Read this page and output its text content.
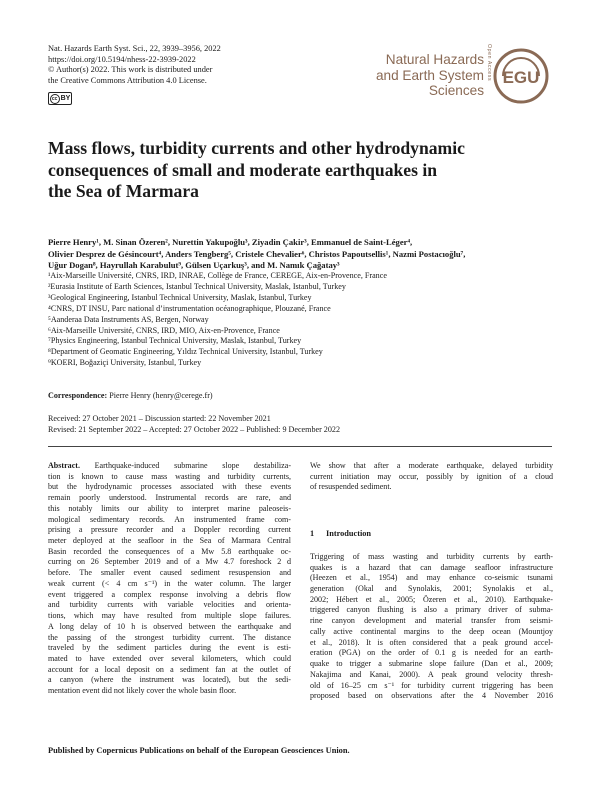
Nat. Hazards Earth Syst. Sci., 22, 3939–3956, 2022
https://doi.org/10.5194/nhess-22-3939-2022
© Author(s) 2022. This work is distributed under
the Creative Commons Attribution 4.0 License.
cc BY
Natural Hazards
and Earth System
Sciences
Open Access EGU
Mass flows, turbidity currents and other hydrodynamic
consequences of small and moderate earthquakes in
the Sea of Marmara
Pierre Henry¹, M. Sinan Özeren², Nurettin Yakupoğlu³, Ziyadin Çakir³, Emmanuel de Saint-Léger⁴,
Olivier Desprez de Gésincourt⁴, Anders Tengberg⁵, Cristele Chevalier⁶, Christos Papoutsellis¹, Nazmi Postacıoğlu⁷,
Uğur Dogan⁸, Hayrullah Karabulut⁹, Gülsen Uçarkuş³, and M. Namık Çağatay³
¹Aix-Marseille Université, CNRS, IRD, INRAE, Collège de France, CEREGE, Aix-en-Provence, France
²Eurasia Institute of Earth Sciences, Istanbul Technical University, Maslak, Istanbul, Turkey
³Geological Engineering, Istanbul Technical University, Maslak, Istanbul, Turkey
⁴CNRS, DT INSU, Parc national d’instrumentation océanographique, Plouzané, France
⁵Aanderaa Data Instruments AS, Bergen, Norway
⁶Aix-Marseille Université, CNRS, IRD, MIO, Aix-en-Provence, France
⁷Physics Engineering, Istanbul Technical University, Maslak, Istanbul, Turkey
⁸Department of Geomatic Engineering, Yıldız Technical University, Istanbul, Turkey
⁹KOERI, Boğaziçi University, Istanbul, Turkey
Correspondence: Pierre Henry (henry@cerege.fr)
Received: 27 October 2021 – Discussion started: 22 November 2021
Revised: 21 September 2022 – Accepted: 27 October 2022 – Published: 9 December 2022
Abstract. Earthquake-induced submarine slope destabiliza-
tion is known to cause mass wasting and turbidity currents,
but the hydrodynamic processes associated with these events
remain poorly understood. Instrumental records are rare, and
this notably limits our ability to interpret marine paleoseis-
mological sedimentary records. An instrumented frame com-
prising a pressure recorder and a Doppler recording current
meter deployed at the seafloor in the Sea of Marmara Central
Basin recorded the consequences of a Mw 5.8 earthquake oc-
curring on 26 September 2019 and of a Mw 4.7 foreshock 2 d
before. The smaller event caused sediment resuspension and
weak current (< 4 cm s⁻¹) in the water column. The larger
event triggered a complex response involving a debris flow
and turbidity currents with variable velocities and orienta-
tions, which may have resulted from multiple slope failures.
A long delay of 10 h is observed between the earthquake and
the passing of the strongest turbidity current. The distance
traveled by the sediment particles during the event is esti-
mated to have extended over several kilometers, which could
account for a local deposit on a sediment fan at the outlet of
a canyon (where the instrument was located), but the sedi-
mentation event did not likely cover the whole basin floor.
We show that after a moderate earthquake, delayed turbidity
current initiation may occur, possibly by ignition of a cloud
of resuspended sediment.
1 Introduction
Triggering of mass wasting and turbidity currents by earth-
quakes is a hazard that can damage seafloor infrastructure
(Heezen et al., 1954) and may enhance co-seismic tsunami
generation (Okal and Synolakis, 2001; Synolakis et al.,
2002; Hébert et al., 2005; Özeren et al., 2010). Earthquake-
triggered canyon flushing is also a primary driver of subma-
rine canyon development and material transfer from seismi-
cally active continental margins to the deep ocean (Mountjoy
et al., 2018). It is often considered that a peak ground accel-
eration (PGA) on the order of 0.1 g is needed for an earth-
quake to trigger a submarine slope failure (Dan et al., 2009;
Nakajima and Kanai, 2000). A peak ground velocity thresh-
old of 16–25 cm s⁻¹ for turbidity current triggering has been
proposed based on observations after the 4 November 2016
Published by Copernicus Publications on behalf of the European Geosciences Union.
